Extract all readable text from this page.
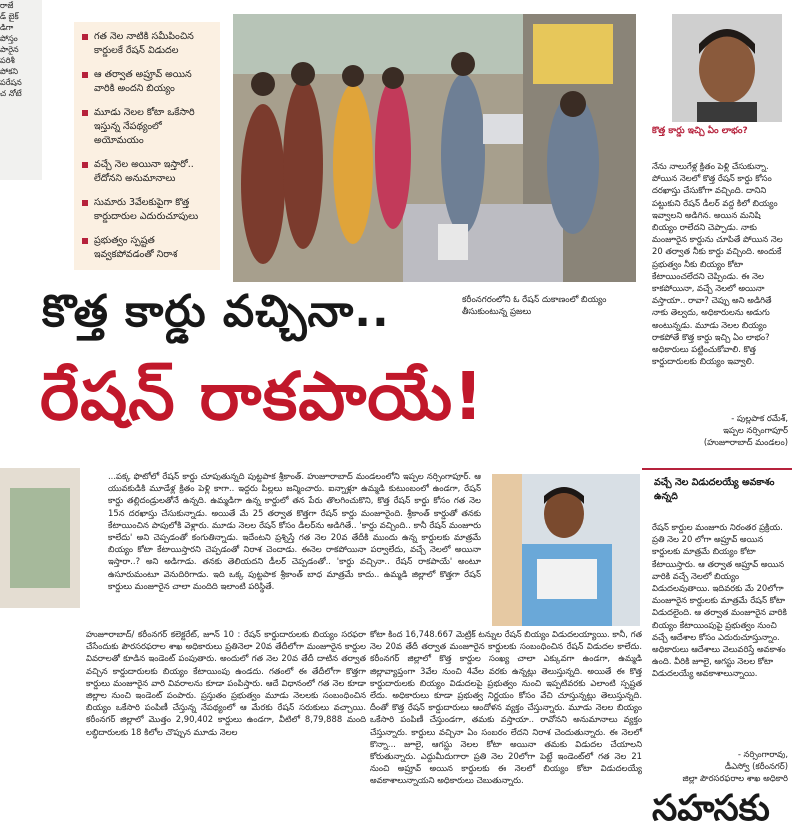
రాజే
డ్ బైక్
డిగా
పోస్తం
పారైన
పరిశీ
పోకని
పరేషన
చ నోటే
గత నెల నాటికి సమీపించిన కార్డులకే రేషన్ విడుదల
ఆ తర్వాత అప్రూవ్ అయిన వారికి అందని బియ్యం
మూడు నెలల కోటా ఒకేసారి ఇస్తున్న నేపథ్యంలో అయోమయం
వచ్చే నెల అయినా ఇస్తారో.. లేదోనని అనుమానాలు
సుమారు 3వేలకుపైగా కొత్త కార్డుదారుల ఎదురుచూపులు
ప్రభుత్వం స్పష్టత ఇవ్వకపోవడంతో నిరాశ
కరీంనగరంలోని ఓ రేషన్ దుకాణంలో బియ్యం తీసుకుంటున్న ప్రజలు
కొత్త కార్డు వచ్చినా..
రేషన్ రాకపాయే!
కొత్త కార్డు ఇచ్చి ఏం లాభం?
నేను నాలుగేళ్ల క్రితం పెళ్లి చేసుకున్నా. పోయిన నెలలో కొత్త రేషన్ కార్డు కోసం దరఖాస్తు చేసుకోగా వచ్చింది. దానిని పట్టుకుని రేషన్ డీలర్ వద్ద కిలో బియ్యం ఇవ్వాలని అడిగిన. అయిన మనిషి బియ్యం రాలేదని చెప్పాడు. నాకు మంజూరైన కార్డును చూపితే పోయిన నెల 20 తర్వాత నీకు కార్డు వచ్చింది. అందుకే ప్రభుత్వం నీకు బియ్యం కోటా కేటాయించలేదని చెప్పిండు. ఈ నెల కాకపోయినా, వచ్చే నెలలో అయినా వస్తాయా.. రావా? చెప్పు అని అడిగితే నాకు తెల్వదు, అధికారులను అడుగు అంటున్నడు. మూడు నెలల బియ్యం రాకపోతే కొత్త కార్డు ఇచ్చి ఏం లాభం? అధికారులు పట్టించుకోవాలి. కొత్త కార్డుదారులకు బియ్యం ఇవ్వాలి.
- పుల్లపాక రమేశ్,
ఇప్పల నర్సింగాపూర్
(హుజూరాబాద్ మండలం)
వచ్చే నెల విడుదలయ్యే అవకాశం ఉన్నది
రేషన్ కార్డుల మంజూరు నిరంతర ప్రక్రియ. ప్రతి నెల 20 లోగా అప్రూవ్ అయిన కార్డులకు మాత్రమే బియ్యం కోటా కేటాయిస్తారు. ఆ తర్వాత అప్రూవ్ అయిన వారికి వచ్చే నెలలో బియ్యం విడుదలవుతాయి. ఇదివరకు మే 20లోగా మంజూరైన కార్డులకు మాత్రమే రేషన్ కోటా విడుదలైంది. ఆ తర్వాత మంజూరైన వారికి బియ్యం కేటాయింపుపై ప్రభుత్వం నుంచి వచ్చే ఆదేశాల కోసం ఎదురుచూస్తున్నాం. అధికారులు ఆదేశాలు వెలువరిస్తే అవకాశం ఉంది. వీరికి జూలై, ఆగస్టు నెలల కోటా విడుదలయ్యే అవకాశాలున్నాయి.
- నర్సింగారావు,
డీఎస్వో (కరీంనగర్)
జిల్లా పౌరసరఫరాల శాఖ అధికారి
సహసకు
...పక్క ఫొటోలో రేషన్ కార్డు చూపుతున్నది పుట్టపాక శ్రీకాంత్. హుజూరాబాద్ మండలంలోని ఇప్పల నర్సింగాపూర్. ఆ యువకుడికి మూడేళ్ల క్రితం పెళ్లి కాగా.. ఇద్దరు పిల్లలు జన్మించారు. ఐన్నాళ్లూ ఉమ్మడి కుటుంబంలో ఉండగా, రేషన్ కార్డు తల్లిదండ్రులతోనే ఉన్నది. ఉమ్మడిగా ఉన్న కార్డులో తన పేరు తొలగించుకొని, కొత్త రేషన్ కార్డు కోసం గత నెల 15న దరఖాస్తు చేసుకున్నాడు. అయితే మే 25 తర్వాత కొత్తగా రేషన్ కార్డు మంజూరైంది. శ్రీకాంత్ కార్డుతో తనకు కేటాయించిన పాపులోకి వెళ్లారు. మూడు నెలల రేషన్ కోసం డీలర్‌ను అడిగితే.. 'కార్డు వచ్చింది.. కానీ రేషన్ మంజూరు కాలేదు' అని చెప్పడంతో కంగుతిన్నాడు. ఇదేంటని ప్రశ్నిస్తే గత నెల 20వ తేదీకి ముందు ఉన్న కార్డులకు మాత్రమే బియ్యం కోటా కేటాయిస్తారని చెప్పడంతో నిరాశ చెందాడు. ఈనెల రాకపోయినా పర్వాలేదు, వచ్చే నెలలో అయినా ఇస్తారా..? అని అడిగాడు. తనకు తెలియదని డీలర్ చెప్పడంతో.. 'కార్డు వచ్చినా.. రేషన్ రాకపాయే' అంటూ ఉసూరుమంటూ వెనుదిరిగాడు. ఇది ఒక్క పుట్టపాక శ్రీకాంత్ బాధ మాత్రమే కాదు.. ఉమ్మడి జిల్లాలో కొత్తగా రేషన్ కార్డులు మంజూరైన చాలా మందిది ఇలాంటి పరిస్థితే.
హుజూరాబాద్/ కరీంనగర్ కలెక్టరేట్, జూన్ 10 : రేషన్ కార్డుదారులకు బియ్యం సరఫరా చేసేందుకు పౌరసరఫరాల శాఖ అధికారులు ప్రతినెలా 20వ తేదీలోగా మంజూరైన కార్డుల వివరాలతో కూడిన ఇండెంట్ పంపుతారు. అందులో గత నెల 20వ తేదీ దాటిన తర్వాత వచ్చిన కార్డుదారులకు బియ్యం కేటాయింపు ఉండదు. గతంలో ఈ తేదీలోగా కొత్తగా కార్డులు మంజూరైన వారి వివరాలను కూడా పంపిస్తారు. ఆదే విధానంలో గత నెల కూడా జిల్లాల నుంచి ఇండెంట్ పంపారు. ప్రస్తుతం ప్రభుత్వం మూడు నెలలకు సంబంధించిన బియ్యం ఒకేసారి పంపిణీ చేస్తున్న నేపథ్యంలో ఆ మేరకు రేషన్ సరుకులు వచ్చాయి. కరీంనగర్ జిల్లాలో మొత్తం 2,90,402 కార్డులు ఉండగా, వీటిలో 8,79,888 మంది లబ్ధిదారులకు 18 కిలోల చొప్పున మూడు నెలల
కోటా కింద 16,748.667 మెట్రిక్ టన్నుల రేషన్ బియ్యం విడుదలయ్యాయి. కానీ, గత నెల 20వ తేదీ తర్వాత మంజూరైన కార్డులకు సంబంధించిన రేషన్ విడుదల కాలేదు. కరీంనగర్ జిల్లాలో కొత్త కార్డుల సంఖ్య చాలా ఎక్కువగా ఉండగా, ఉమ్మడి జిల్లావ్యాప్తంగా 3వేల నుంచి 4వేల వరకు ఉన్నట్లు తెలుస్తున్నది. అయితే ఈ కొత్త కార్డుదారులకు బియ్యం విడుదలపై ప్రభుత్వం నుంచి ఇప్పటివరకు ఎలాంటి స్పష్టత లేదు. అధికారులు కూడా ప్రభుత్వ నిర్ణయం కోసం వేచి చూస్తున్నట్లు తెలుస్తున్నది. దీంతో కొత్త రేషన్ కార్డుదారులు ఆందోళన వ్యక్తం చేస్తున్నారు. మూడు నెలల బియ్యం ఒకేసారి పంపిణీ చేస్తుండగా, తమకు వస్తాయా.. రావోనని అనుమానాలు వ్యక్తం చేస్తున్నారు. కార్డులు వచ్చినా ఏం సంబరం లేదని నిరాశ చెందుతున్నారు. ఈ నెలలో కొన్నా... జూలై, ఆగస్టు నెలల కోటా అయినా తమకు విడుదల చేయాలని కోరుతున్నారు. ఎద్దుమీదుగారా ప్రతి నెల 20లోగా పెట్టే ఇండెంట్‌లో గత నెల 21 నుంచి అప్రూవ్ అయిన కార్డులకు ఈ నెలలో బియ్యం కోటా విడుదలయ్యే అవకాశాలున్నాయని అధికారులు చెబుతున్నారు.
